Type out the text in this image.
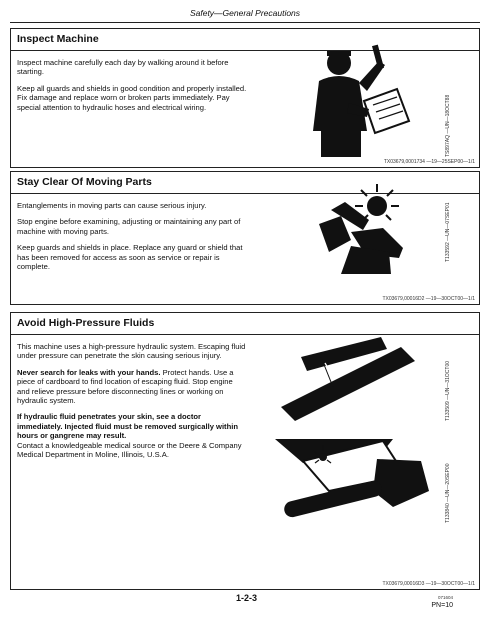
Safety—General Precautions
Inspect Machine

Inspect machine carefully each day by walking around it before starting.

Keep all guards and shields in good condition and properly installed. Fix damage and replace worn or broken parts immediately. Pay special attention to hydraulic hoses and electrical wiring.	TS897AQ —UN—18OCT88
TX03679,0001734 —19—25SEP00—1/1
Stay Clear Of Moving Parts

Entanglements in moving parts can cause serious injury.

Stop engine before examining, adjusting or maintaining any part of machine with moving parts.

Keep guards and shields in place. Replace any guard or shield that has been removed for access as soon as service or repair is complete.

T133592 —UN—07SEP01
TX03679,00016D2 —19—30OCT00—1/1
Avoid High-Pressure Fluids

This machine uses a high-pressure hydraulic system. Escaping fluid under pressure can penetrate the skin causing serious injury.

Never search for leaks with your hands. Protect hands. Use a piece of cardboard to find location of escaping fluid. Stop engine and relieve pressure before disconnecting lines or working on hydraulic system.

If hydraulic fluid penetrates your skin, see a doctor immediately. Injected fluid must be removed surgically within hours or gangrene may result.
Contact a knowledgeable medical source or the Deere & Company Medical Department in Moline, Illinois, U.S.A.

T133509 —UN—31OCT00
T133840 —UN—20SEP00
TX03679,00016D3 —19—30OCT00—1/1
1-2-3	071604
PN=10
